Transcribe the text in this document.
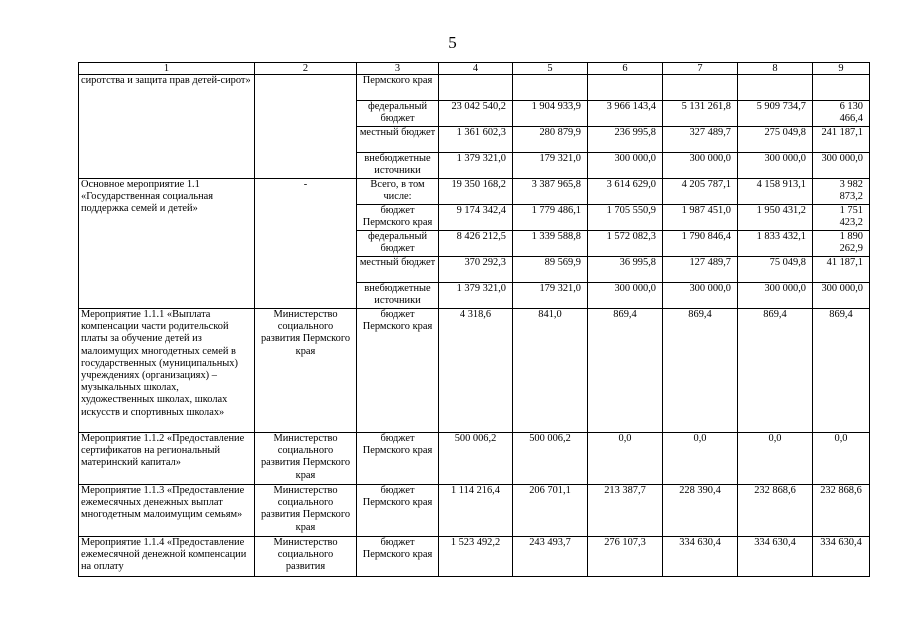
5
1	2	3	4	5	6	7	8	9
сиротства и защита прав детей-сирот»		Пермского края						
		федеральный бюджет	23 042 540,2	1 904 933,9	3 966 143,4	5 131 261,8	5 909 734,7	6 130 466,4
		местный бюджет	1 361 602,3	280 879,9	236 995,8	327 489,7	275 049,8	241 187,1
		внебюджетные источники	1 379 321,0	179 321,0	300 000,0	300 000,0	300 000,0	300 000,0
Основное мероприятие 1.1 «Государственная социальная поддержка семей и детей»	-	Всего, в том числе:	19 350 168,2	3 387 965,8	3 614 629,0	4 205 787,1	4 158 913,1	3 982 873,2
		бюджет Пермского края	9 174 342,4	1 779 486,1	1 705 550,9	1 987 451,0	1 950 431,2	1 751 423,2
		федеральный бюджет	8 426 212,5	1 339 588,8	1 572 082,3	1 790 846,4	1 833 432,1	1 890 262,9
		местный бюджет	370 292,3	89 569,9	36 995,8	127 489,7	75 049,8	41 187,1
		внебюджетные источники	1 379 321,0	179 321,0	300 000,0	300 000,0	300 000,0	300 000,0
Мероприятие 1.1.1 «Выплата компенсации части родительской платы за обучение детей из малоимущих многодетных семей в государственных (муниципальных) учреждениях (организациях) – музыкальных школах, художественных школах, школах искусств и спортивных школах»	Министерство социального развития Пермского края	бюджет Пермского края	4 318,6	841,0	869,4	869,4	869,4	869,4
Мероприятие 1.1.2 «Предоставление сертификатов на региональный материнский капитал»	Министерство социального развития Пермского края	бюджет Пермского края	500 006,2	500 006,2	0,0	0,0	0,0	0,0
Мероприятие 1.1.3 «Предоставление ежемесячных денежных выплат многодетным малоимущим семьям»	Министерство социального развития Пермского края	бюджет Пермского края	1 114 216,4	206 701,1	213 387,7	228 390,4	232 868,6	232 868,6
Мероприятие 1.1.4 «Предоставление ежемесячной денежной компенсации на оплату	Министерство социального развития	бюджет Пермского края	1 523 492,2	243 493,7	276 107,3	334 630,4	334 630,4	334 630,4
